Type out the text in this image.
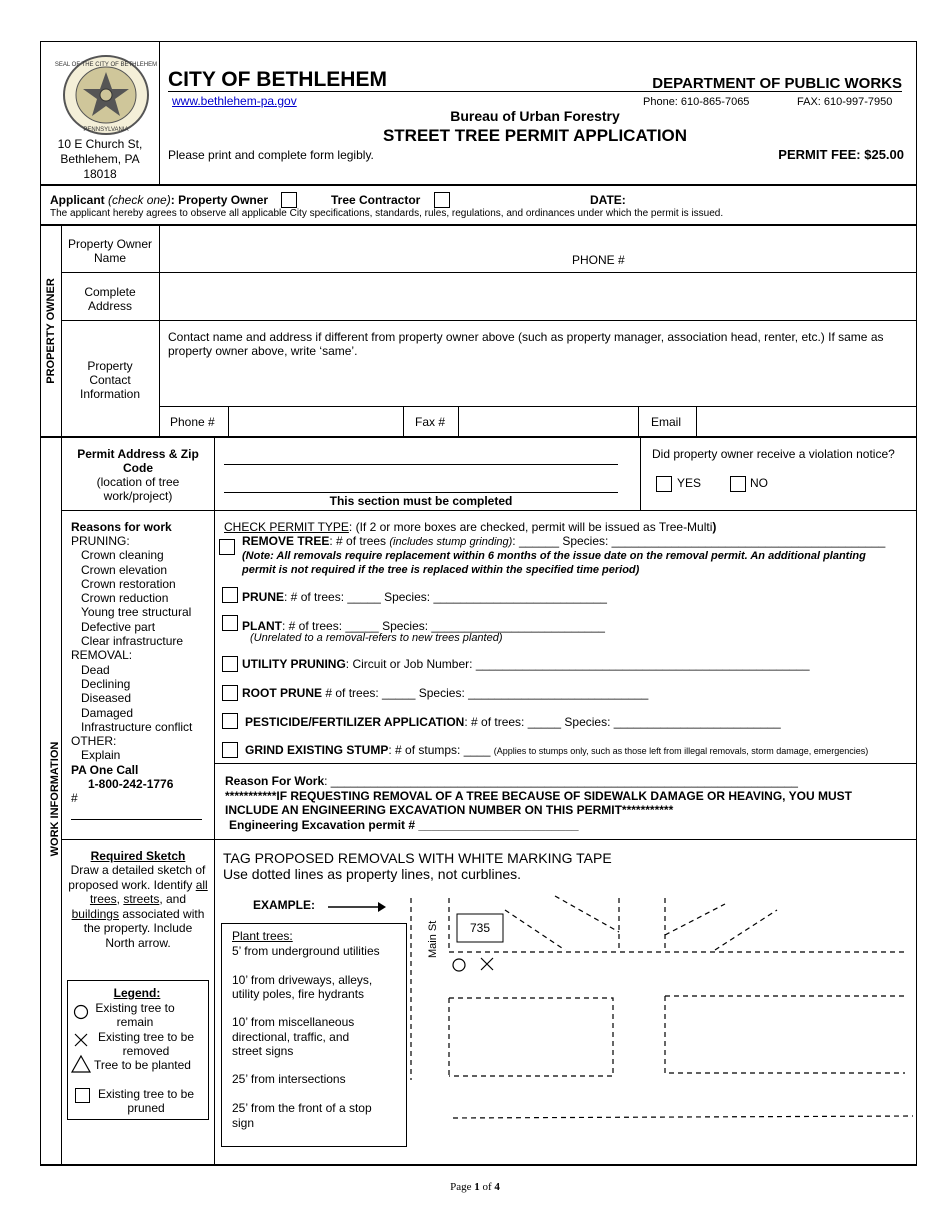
SEAL OF THE CITY OF BETHLEHEM
PENNSYLVANIA
10 E Church St,
Bethlehem, PA
18018
CITY OF BETHLEHEM
www.bethlehem-pa.gov
DEPARTMENT OF PUBLIC WORKS
Phone: 610-865-7065	FAX: 610-997-7950
Bureau of Urban Forestry
STREET TREE PERMIT APPLICATION
Please print and complete form legibly.	PERMIT FEE: $25.00
Applicant (check one): Property Owner	Tree Contractor	DATE:
The applicant hereby agrees to observe all applicable City specifications, standards, rules, regulations, and ordinances under which the permit is issued.
PROPERTY OWNER
Property Owner Name	PHONE #
Complete Address
Contact name and address if different from property owner above (such as property manager, association head, renter, etc.) If same as property owner above, write ‘same’.
Property Contact Information
Phone #	Fax #	Email
WORK INFORMATION
Permit Address & Zip Code
(location of tree work/project)	This section must be completed
Did property owner receive a violation notice?
YES	NO
Reasons for work
PRUNING:
Crown cleaning
Crown elevation
Crown restoration
Crown reduction
Young tree structural
Defective part
Clear infrastructure
REMOVAL:
Dead
Declining
Diseased
Damaged
Infrastructure conflict
OTHER:
Explain
PA One Call
1-800-242-1776
#
CHECK PERMIT TYPE: (If 2 or more boxes are checked, permit will be issued as Tree-Multi)
REMOVE TREE: # of trees (includes stump grinding): ______ Species: _________________________________________
(Note: All removals require replacement within 6 months of the issue date on the removal permit. An additional planting permit is not required if the tree is replaced within the specified time period)
PRUNE: # of trees: _____ Species: __________________________
PLANT: # of trees: _____ Species: __________________________
(Unrelated to a removal-refers to new trees planted)
UTILITY PRUNING: Circuit or Job Number: __________________________________________________
ROOT PRUNE # of trees: _____ Species: ___________________________
PESTICIDE/FERTILIZER APPLICATION: # of trees: _____ Species: _________________________
GRIND EXISTING STUMP: # of stumps: ____ (Applies to stumps only, such as those left from illegal removals, storm damage, emergencies)
Reason For Work: ______________________________________________________________________
***********IF REQUESTING REMOVAL OF A TREE BECAUSE OF SIDEWALK DAMAGE OR HEAVING, YOU MUST
INCLUDE AN ENGINEERING EXCAVATION NUMBER ON THIS PERMIT***********
Engineering Excavation permit # ________________________
Required Sketch
Draw a detailed sketch of proposed work. Identify all trees, streets, and buildings associated with the property. Include North arrow.
Legend:
Existing tree to remain
Existing tree to be removed
Tree to be planted
Existing tree to be pruned
TAG PROPOSED REMOVALS WITH WHITE MARKING TAPE
Use dotted lines as property lines, not curblines.
EXAMPLE:
Plant trees:
5’ from underground utilities
10’ from driveways, alleys, utility poles, fire hydrants
10’ from miscellaneous directional, traffic, and street signs
25’ from intersections
25’ from the front of a stop sign
735
Main St
Page 1 of 4
